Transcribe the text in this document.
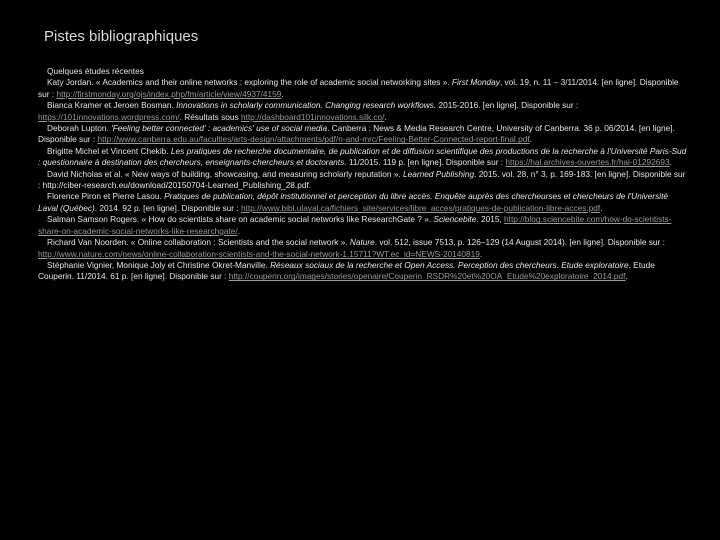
Pistes bibliographiques
Quelques études récentes

Katy Jordan. « Academics and their online networks : exploring the role of academic social networking sites ». First Monday, vol. 19, n. 11 – 3/11/2014. [en ligne]. Disponible sur : http://firstmonday.org/ojs/index.php/fm/article/view/4937/4159.

Bianca Kramer et Jeroen Bosman. Innovations in scholarly communication. Changing research workflows. 2015-2016. [en ligne]. Disponible sur : https://101innovations.wordpress.com/. Résultats sous http://dashboard101innovations.silk.co/.

Deborah Lupton. 'Feeling better connected' : academics' use of social media. Canberra : News & Media Research Centre, University of Canberra. 36 p. 06/2014. [en ligne]. Disponible sur : http://www.canberra.edu.au/faculties/arts-design/attachments/pdf/n-and-mrc/Feeling-Better-Connected-report-final.pdf.

Brigitte Michel et Vincent Chekib. Les pratiques de recherche documentaire, de publication et de diffusion scientifique des productions de la recherche à l'Université Paris-Sud : questionnaire à destination des chercheurs, enseignants-chercheurs et doctorants. 11/2015. 119 p. [en ligne]. Disponible sur : https://hal.archives-ouvertes.fr/hal-01292693.

David Nicholas et al. « New ways of building, showcasing, and measuring scholarly reputation ». Learned Publishing. 2015. vol. 28, n° 3, p. 169-183. [en ligne]. Disponible sur : http://ciber-research.eu/download/20150704-Learned_Publishing_28.pdf.

Florence Piron et Pierre Lasou. Pratiques de publication, dépôt institutionnel et perception du libre accès. Enquête auprès des chercheurses et chercheurs de l'Université Laval (Québec). 2014. 92 p. [en ligne]. Disponible sur : http://www.bibl.ulaval.ca/fichiers_site/services/libre_acces/pratiques-de-publication-libre-acces.pdf.

Salman Samson Rogers. « How do scientists share on academic social networks like ResearchGate ? ». Sciencebite. 2015, http://blog.sciencebite.com/how-do-scientists-share-on-academic-social-networks-like-researchgate/.

Richard Van Noorden. « Online collaboration : Scientists and the social network ». Nature. vol. 512, issue 7513, p. 126–129 (14 August 2014). [en ligne]. Disponible sur : http://www.nature.com/news/online-collaboration-scientists-and-the-social-network-1.15711?WT.ec_id=NEWS-20140819.

Stéphanie Vignier, Monique Joly et Christine Okret-Manville. Réseaux sociaux de la recherche et Open Access. Perception des chercheurs. Etude exploratoire. Etude Couperin. 11/2014. 61 p. [en ligne]. Disponible sur : http://couperin.org/images/stories/openaire/Couperin_RSDR%20et%20OA_Etude%20exploratoire_2014.pdf.
